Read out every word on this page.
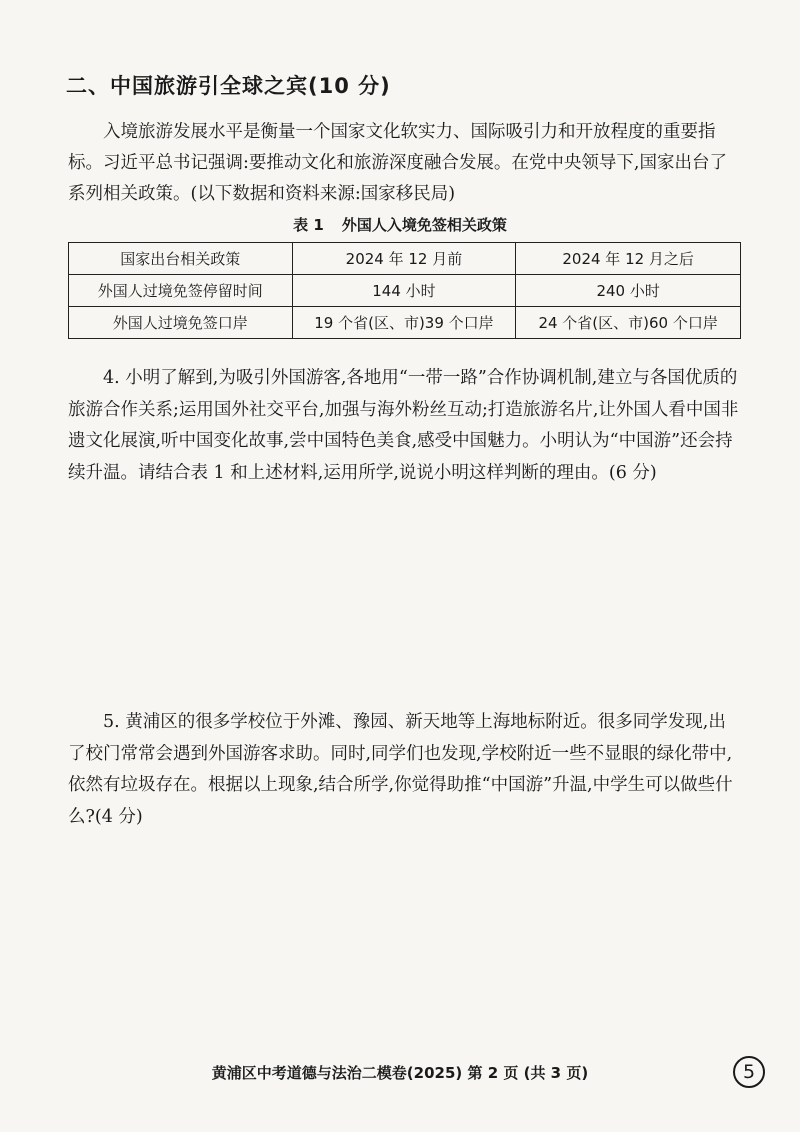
二、中国旅游引全球之宾(10 分)

入境旅游发展水平是衡量一个国家文化软实力、国际吸引力和开放程度的重要指标。习近平总书记强调:要推动文化和旅游深度融合发展。在党中央领导下,国家出台了系列相关政策。(以下数据和资料来源:国家移民局)

表 1 外国人入境免签相关政策
国家出台相关政策	2024 年 12 月前	2024 年 12 月之后
外国人过境免签停留时间	144 小时	240 小时
外国人过境免签口岸	19 个省(区、市)39 个口岸	24 个省(区、市)60 个口岸

4. 小明了解到,为吸引外国游客,各地用“一带一路”合作协调机制,建立与各国优质的旅游合作关系;运用国外社交平台,加强与海外粉丝互动;打造旅游名片,让外国人看中国非遗文化展演,听中国变化故事,尝中国特色美食,感受中国魅力。小明认为“中国游”还会持续升温。请结合表 1 和上述材料,运用所学,说说小明这样判断的理由。(6 分)

5. 黄浦区的很多学校位于外滩、豫园、新天地等上海地标附近。很多同学发现,出了校门常常会遇到外国游客求助。同时,同学们也发现,学校附近一些不显眼的绿化带中,依然有垃圾存在。根据以上现象,结合所学,你觉得助推“中国游”升温,中学生可以做些什么?(4 分)

黄浦区中考道德与法治二模卷(2025) 第 2 页 (共 3 页)	5
